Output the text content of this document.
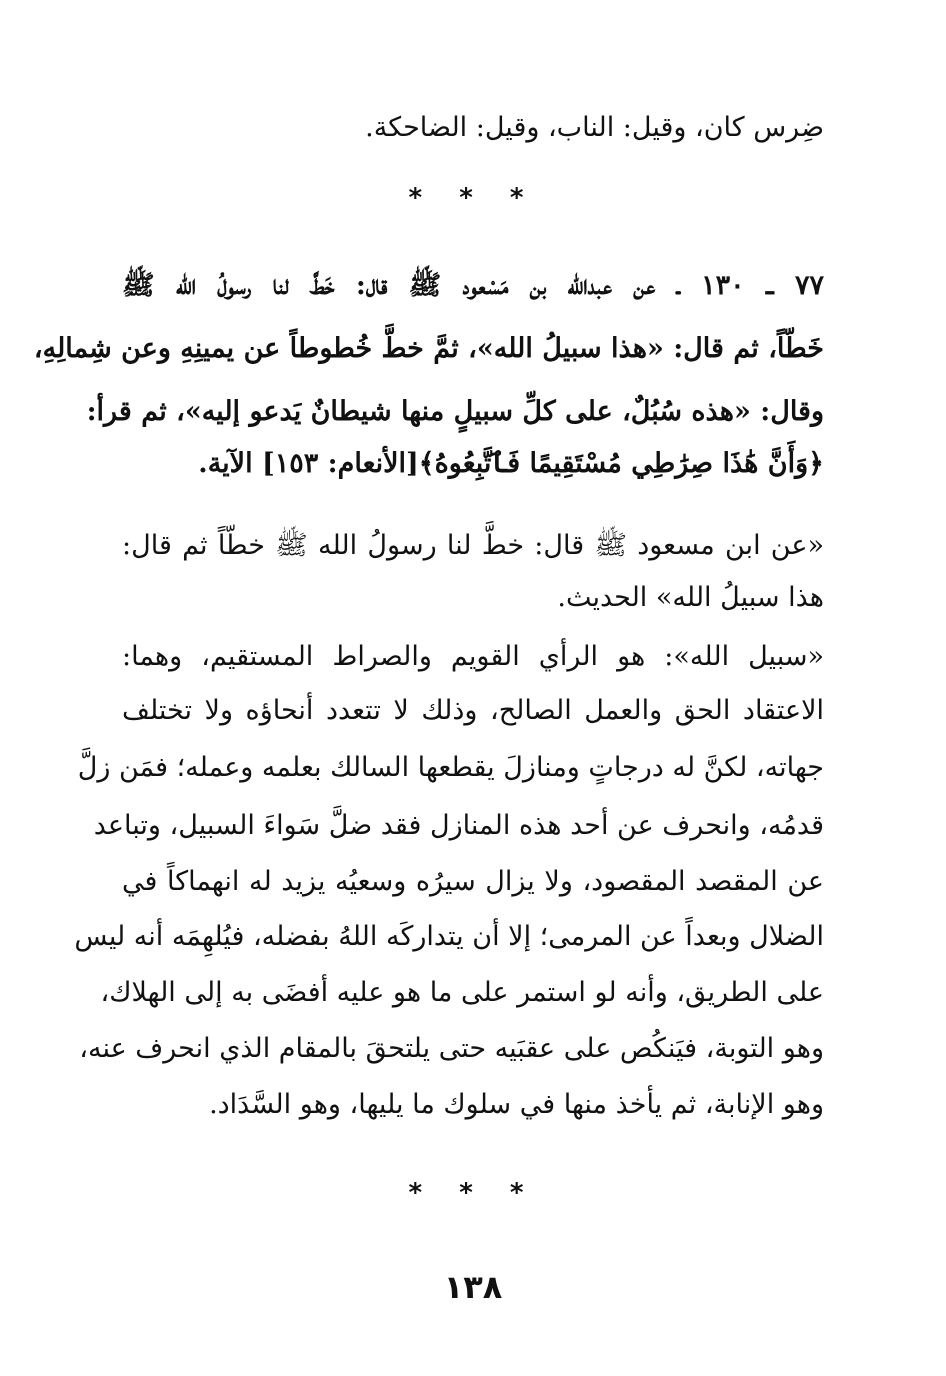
ضِرس كان، وقيل: الناب، وقيل: الضاحكة.
* * *
٧٧ ـ ١٣٠ ـ عن عبدالله بن مَسْعود ﷺ قال: خَطَّ لنا رسولُ الله ﷺ
خَطّاً، ثم قال: «هذا سبيلُ الله»، ثمَّ خطَّ خُطوطاً عن يمينِهِ وعن شِمالِهِ،
وقال: «هذه سُبُلٌ، على كلِّ سبيلٍ منها شيطانٌ يَدعو إليه»، ثم قرأ:
﴿وَأَنَّ هَٰذَا صِرَٰطِي مُسْتَقِيمًا فَٱتَّبِعُوهُ﴾[الأنعام: ١٥٣] الآية.
«عن ابن مسعود ﷺ قال: خطَّ لنا رسولُ الله ﷺ خطّاً ثم قال:
هذا سبيلُ الله» الحديث.
«سبيل الله»: هو الرأي القويم والصراط المستقيم، وهما:
الاعتقاد الحق والعمل الصالح، وذلك لا تتعدد أنحاؤه ولا تختلف
جهاته، لكنَّ له درجاتٍ ومنازلَ يقطعها السالك بعلمه وعمله؛ فمَن زلَّ
قدمُه، وانحرف عن أحد هذه المنازل فقد ضلَّ سَواءَ السبيل، وتباعد
عن المقصد المقصود، ولا يزال سيرُه وسعيُه يزيد له انهماكاً في
الضلال وبعداً عن المرمى؛ إلا أن يتداركَه اللهُ بفضله، فيُلهِمَه أنه ليس
على الطريق، وأنه لو استمر على ما هو عليه أفضَى به إلى الهلاك،
وهو التوبة، فيَنكُص على عقبَيه حتى يلتحقَ بالمقام الذي انحرف عنه،
وهو الإنابة، ثم يأخذ منها في سلوك ما يليها، وهو السَّدَاد.
* * *
١٣٨
